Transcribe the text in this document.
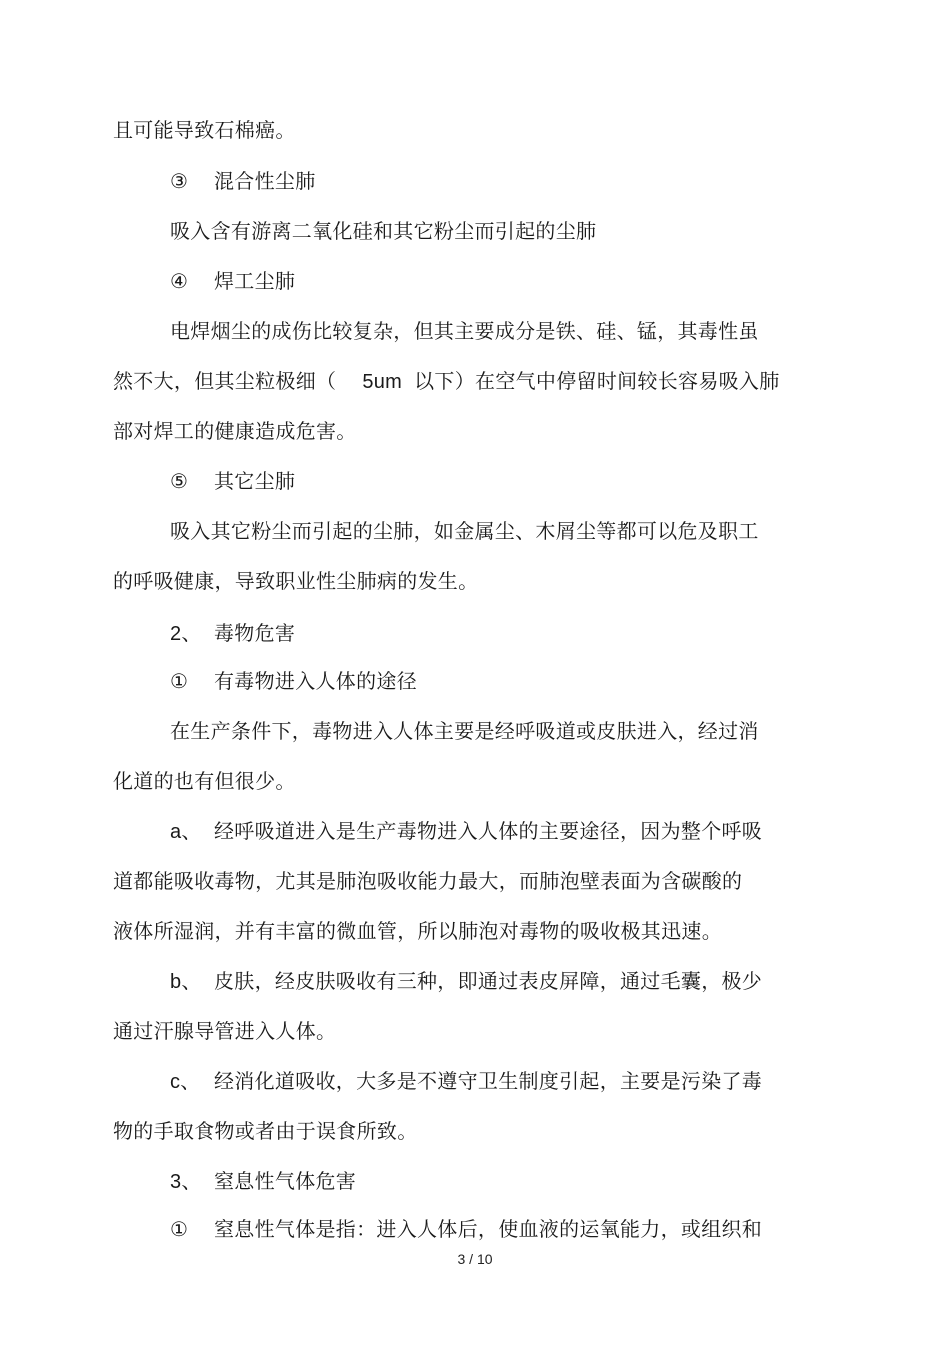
且可能导致石棉癌。
③ 混合性尘肺
吸入含有游离二氧化硅和其它粉尘而引起的尘肺
④ 焊工尘肺
电焊烟尘的成伤比较复杂，但其主要成分是铁、硅、锰，其毒性虽
然不大，但其尘粒极细（ 5um 以下）在空气中停留时间较长容易吸入肺
部对焊工的健康造成危害。
⑤ 其它尘肺
吸入其它粉尘而引起的尘肺，如金属尘、木屑尘等都可以危及职工
的呼吸健康，导致职业性尘肺病的发生。
2、 毒物危害
① 有毒物进入人体的途径
在生产条件下，毒物进入人体主要是经呼吸道或皮肤进入，经过消
化道的也有但很少。
a、 经呼吸道进入是生产毒物进入人体的主要途径，因为整个呼吸
道都能吸收毒物，尤其是肺泡吸收能力最大，而肺泡壁表面为含碳酸的
液体所湿润，并有丰富的微血管，所以肺泡对毒物的吸收极其迅速。
b、 皮肤，经皮肤吸收有三种，即通过表皮屏障，通过毛囊，极少
通过汗腺导管进入人体。
c、 经消化道吸收，大多是不遵守卫生制度引起，主要是污染了毒
物的手取食物或者由于误食所致。
3、 窒息性气体危害
① 窒息性气体是指：进入人体后，使血液的运氧能力，或组织和
3 / 10
